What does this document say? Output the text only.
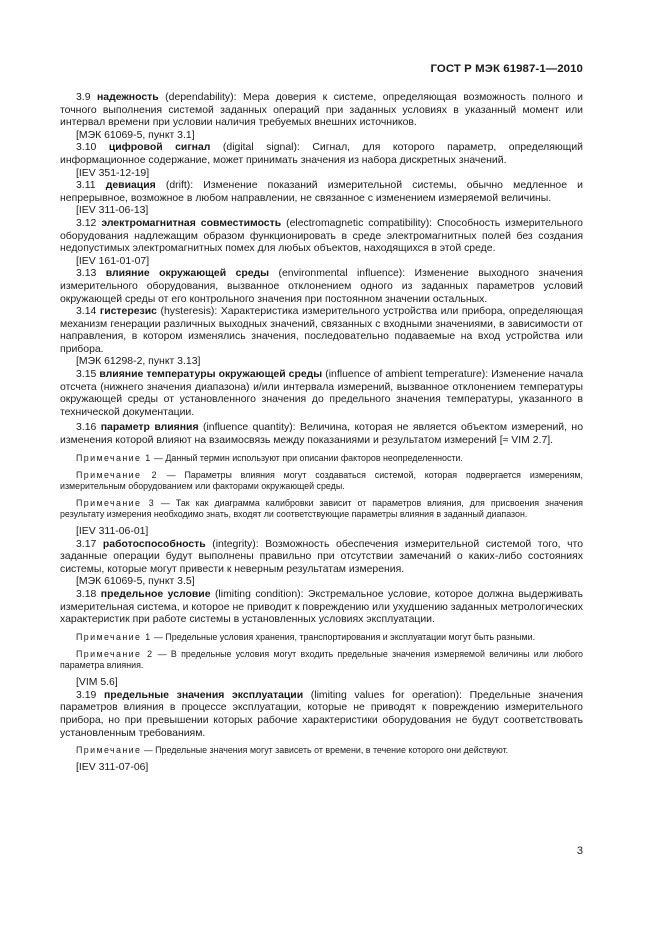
ГОСТ Р МЭК 61987-1—2010

3.9 надежность (dependability): Мера доверия к системе, определяющая возможность полного и точного выполнения системой заданных операций при заданных условиях в указанный момент или интервал времени при условии наличия требуемых внешних источников.

[МЭК 61069-5, пункт 3.1]

3.10 цифровой сигнал (digital signal): Сигнал, для которого параметр, определяющий информационное содержание, может принимать значения из набора дискретных значений.

[IEV 351-12-19]

3.11 девиация (drift): Изменение показаний измерительной системы, обычно медленное и непрерывное, возможное в любом направлении, не связанное с изменением измеряемой величины.

[IEV 311-06-13]

3.12 электромагнитная совместимость (electromagnetic compatibility): Способность измерительного оборудования надлежащим образом функционировать в среде электромагнитных полей без создания недопустимых электромагнитных помех для любых объектов, находящихся в этой среде.

[IEV 161-01-07]

3.13 влияние окружающей среды (environmental influence): Изменение выходного значения измерительного оборудования, вызванное отклонением одного из заданных параметров условий окружающей среды от его контрольного значения при постоянном значении остальных.

3.14 гистерезис (hysteresis): Характеристика измерительного устройства или прибора, определяющая механизм генерации различных выходных значений, связанных с входными значениями, в зависимости от направления, в котором изменялись значения, последовательно подаваемые на вход устройства или прибора.

[МЭК 61298-2, пункт 3.13]

3.15 влияние температуры окружающей среды (influence of ambient temperature): Изменение начала отсчета (нижнего значения диапазона) и/или интервала измерений, вызванное отклонением температуры окружающей среды от установленного значения до предельного значения температуры, указанного в технической документации.

3.16 параметр влияния (influence quantity): Величина, которая не является объектом измерений, но изменения которой влияют на взаимосвязь между показаниями и результатом измерений [≈ VIM 2.7].

Примечание 1 — Данный термин используют при описании факторов неопределенности.

Примечание 2 — Параметры влияния могут создаваться системой, которая подвергается измерениям, измерительным оборудованием или факторами окружающей среды.

Примечание 3 — Так как диаграмма калибровки зависит от параметров влияния, для присвоения значения результату измерения необходимо знать, входят ли соответствующие параметры влияния в заданный диапазон.

[IEV 311-06-01]

3.17 работоспособность (integrity): Возможность обеспечения измерительной системой того, что заданные операции будут выполнены правильно при отсутствии замечаний о каких-либо состояниях системы, которые могут привести к неверным результатам измерения.

[МЭК 61069-5, пункт 3.5]

3.18 предельное условие (limiting condition): Экстремальное условие, которое должна выдерживать измерительная система, и которое не приводит к повреждению или ухудшению заданных метрологических характеристик при работе системы в установленных условиях эксплуатации.

Примечание 1 — Предельные условия хранения, транспортирования и эксплуатации могут быть разными.

Примечание 2 — В предельные условия могут входить предельные значения измеряемой величины или любого параметра влияния.

[VIM 5.6]

3.19 предельные значения эксплуатации (limiting values for operation): Предельные значения параметров влияния в процессе эксплуатации, которые не приводят к повреждению измерительного прибора, но при превышении которых рабочие характеристики оборудования не будут соответствовать установленным требованиям.

Примечание — Предельные значения могут зависеть от времени, в течение которого они действуют.

[IEV 311-07-06]

3
